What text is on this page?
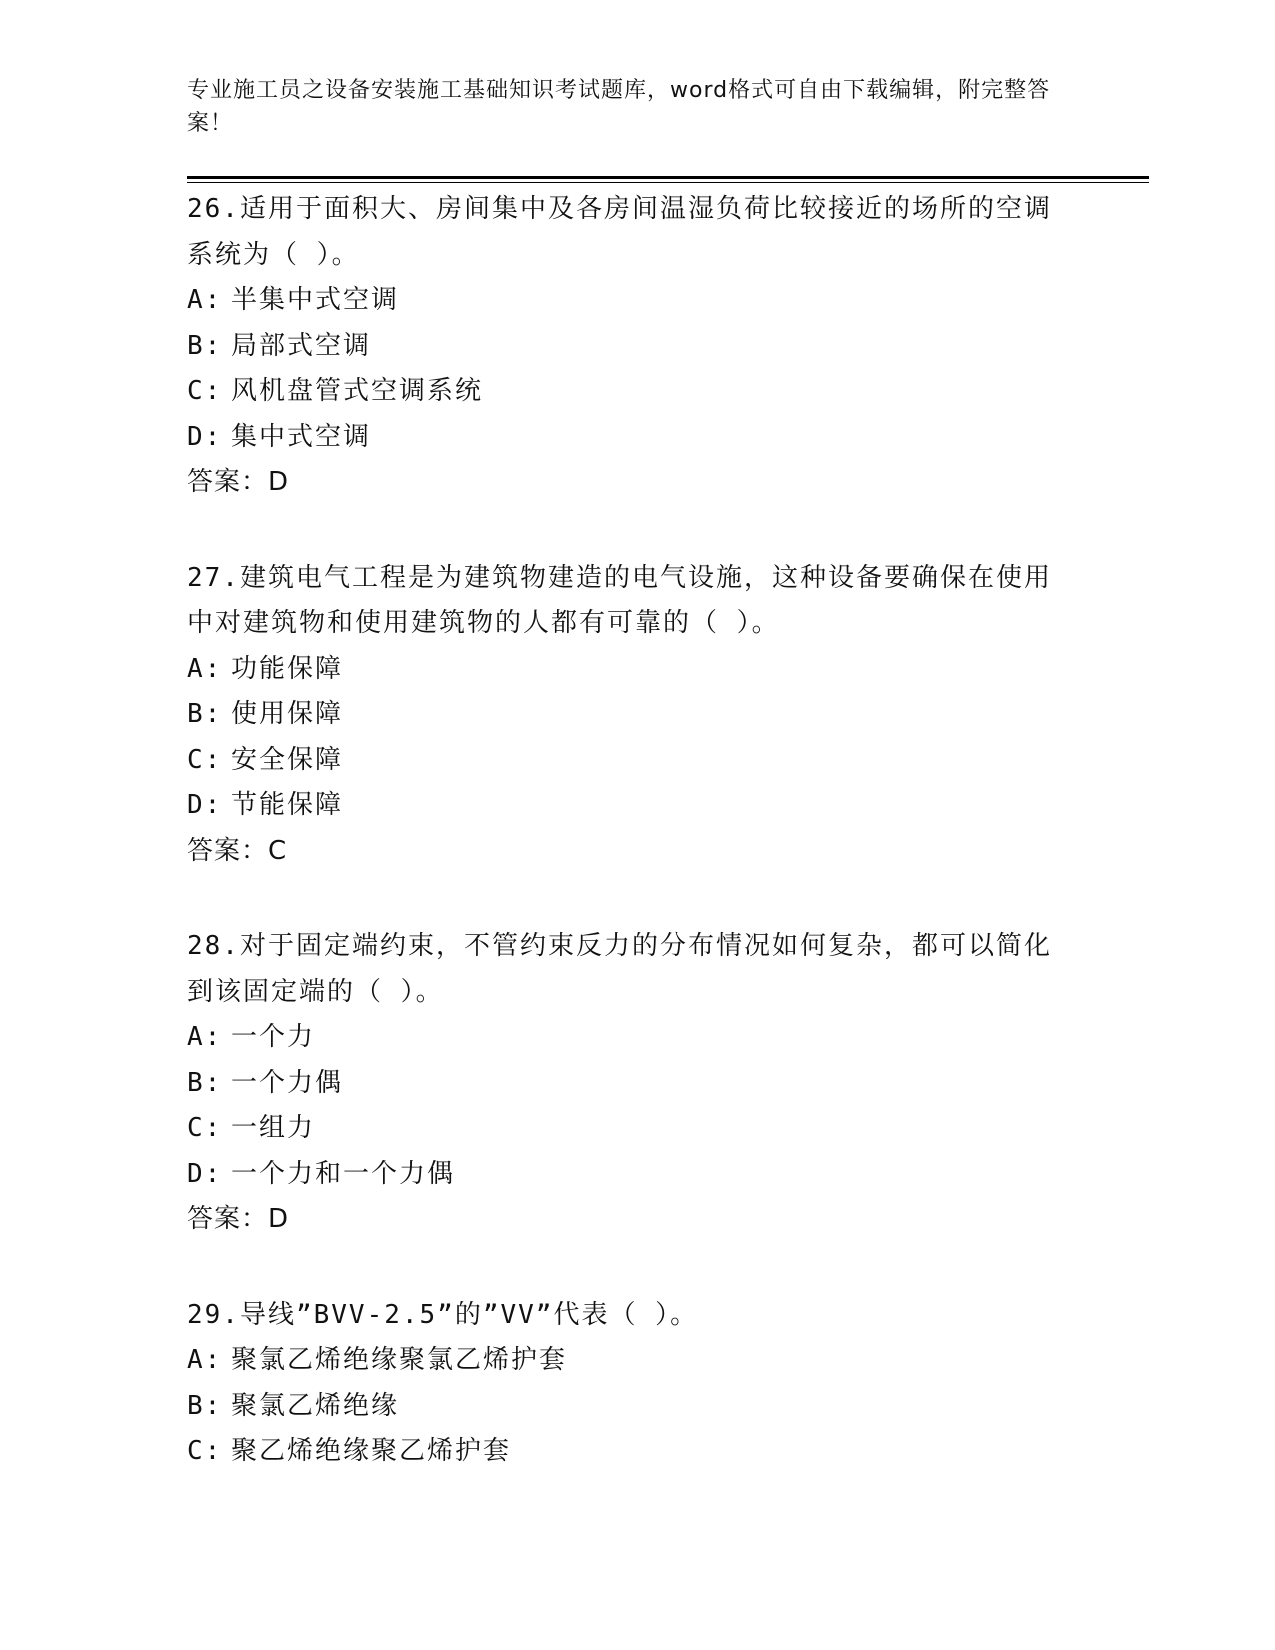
专业施工员之设备安装施工基础知识考试题库，word格式可自由下载编辑，附完整答案！
26.适用于面积大、房间集中及各房间温湿负荷比较接近的场所的空调系统为（ ）。
A: 半集中式空调
B: 局部式空调
C: 风机盘管式空调系统
D: 集中式空调
答案：D
27.建筑电气工程是为建筑物建造的电气设施，这种设备要确保在使用中对建筑物和使用建筑物的人都有可靠的（ ）。
A: 功能保障
B: 使用保障
C: 安全保障
D: 节能保障
答案：C
28.对于固定端约束，不管约束反力的分布情况如何复杂，都可以简化到该固定端的（ ）。
A: 一个力
B: 一个力偶
C: 一组力
D: 一个力和一个力偶
答案：D
29.导线”BVV-2.5”的”VV”代表（ ）。
A: 聚氯乙烯绝缘聚氯乙烯护套
B: 聚氯乙烯绝缘
C: 聚乙烯绝缘聚乙烯护套
